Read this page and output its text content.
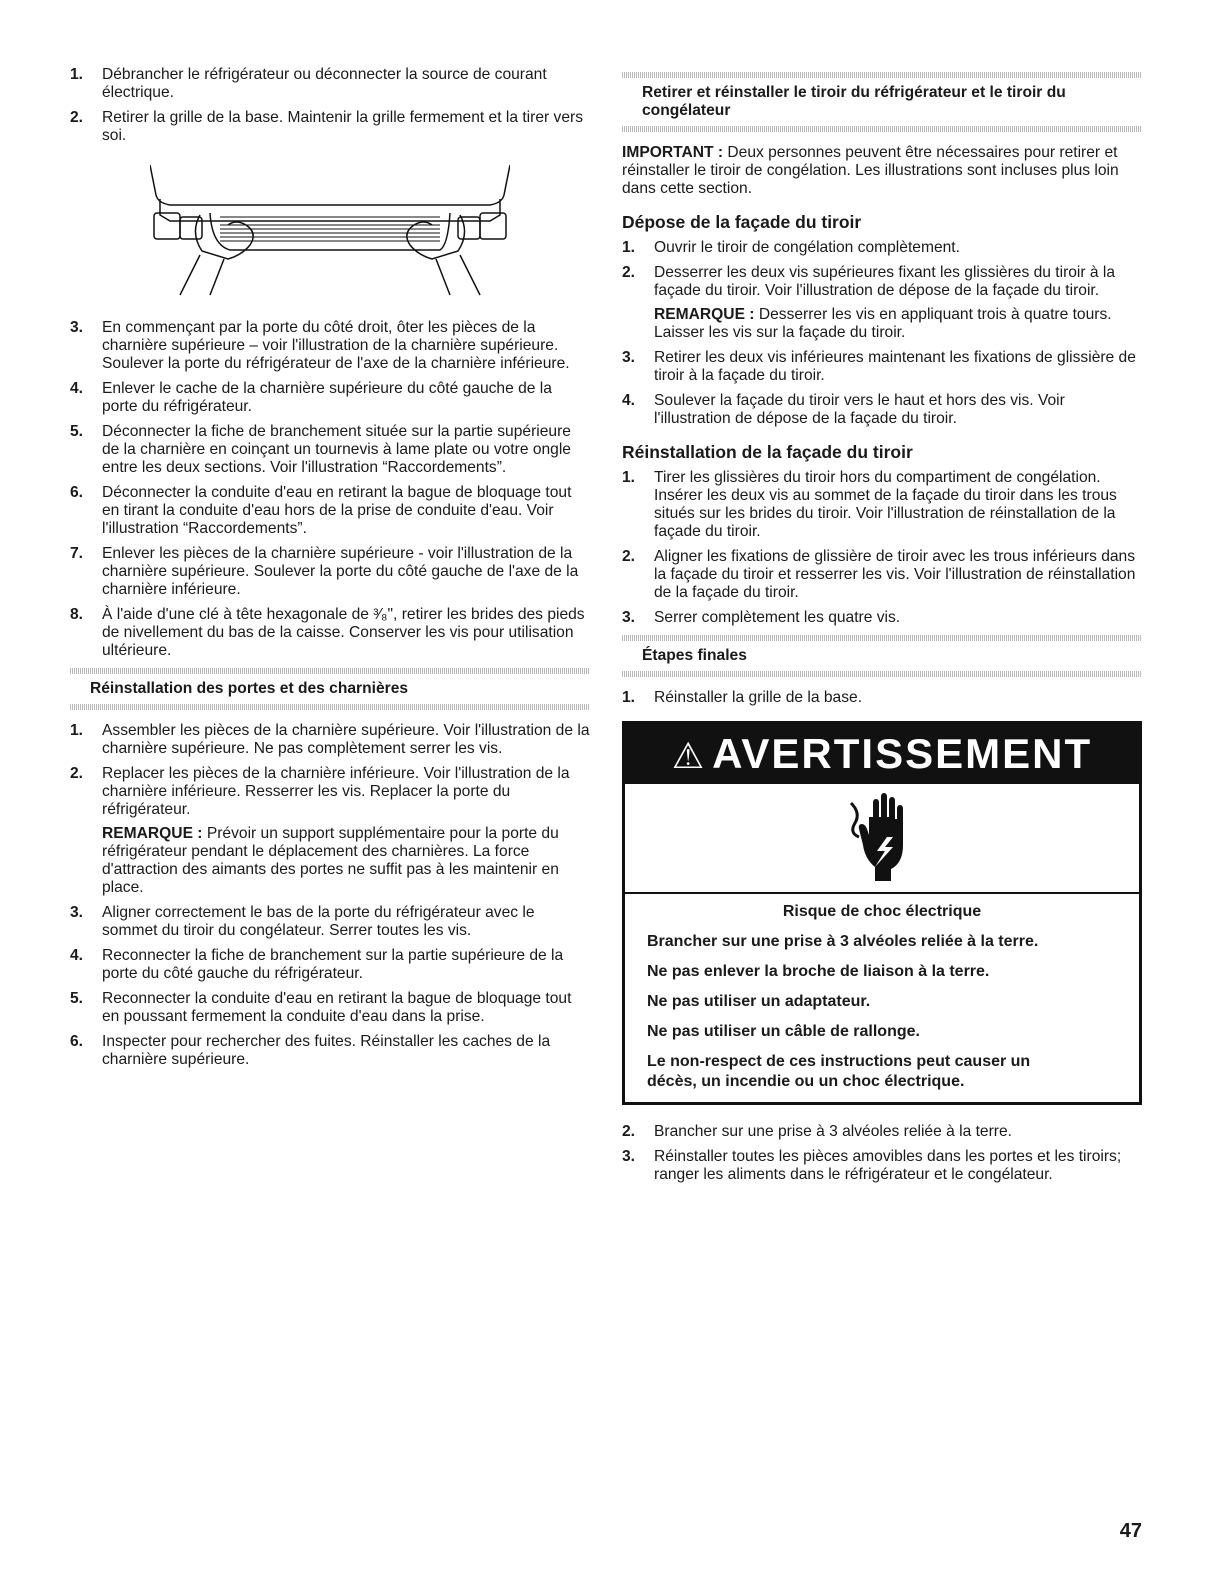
1.	Débrancher le réfrigérateur ou déconnecter la source de courant électrique.
2.	Retirer la grille de la base. Maintenir la grille fermement et la tirer vers soi.
3.	En commençant par la porte du côté droit, ôter les pièces de la charnière supérieure – voir l'illustration de la charnière supérieure. Soulever la porte du réfrigérateur de l'axe de la charnière inférieure.
4.	Enlever le cache de la charnière supérieure du côté gauche de la porte du réfrigérateur.
5.	Déconnecter la fiche de branchement située sur la partie supérieure de la charnière en coinçant un tournevis à lame plate ou votre ongle entre les deux sections. Voir l'illustration “Raccordements”.
6.	Déconnecter la conduite d'eau en retirant la bague de bloquage tout en tirant la conduite d'eau hors de la prise de conduite d'eau. Voir l'illustration “Raccordements”.
7.	Enlever les pièces de la charnière supérieure - voir l'illustration de la charnière supérieure. Soulever la porte du côté gauche de l'axe de la charnière inférieure.
8.	À l'aide d'une clé à tête hexagonale de ³⁄₈", retirer les brides des pieds de nivellement du bas de la caisse. Conserver les vis pour utilisation ultérieure.
Réinstallation des portes et des charnières
1.	Assembler les pièces de la charnière supérieure. Voir l'illustration de la charnière supérieure. Ne pas complètement serrer les vis.
2.	Replacer les pièces de la charnière inférieure. Voir l'illustration de la charnière inférieure. Resserrer les vis. Replacer la porte du réfrigérateur.
REMARQUE : Prévoir un support supplémentaire pour la porte du réfrigérateur pendant le déplacement des charnières. La force d'attraction des aimants des portes ne suffit pas à les maintenir en place.
3.	Aligner correctement le bas de la porte du réfrigérateur avec le sommet du tiroir du congélateur. Serrer toutes les vis.
4.	Reconnecter la fiche de branchement sur la partie supérieure de la porte du côté gauche du réfrigérateur.
5.	Reconnecter la conduite d'eau en retirant la bague de bloquage tout en poussant fermement la conduite d'eau dans la prise.
6.	Inspecter pour rechercher des fuites. Réinstaller les caches de la charnière supérieure.
Retirer et réinstaller le tiroir du réfrigérateur et le tiroir du congélateur

IMPORTANT : Deux personnes peuvent être nécessaires pour retirer et réinstaller le tiroir de congélation. Les illustrations sont incluses plus loin dans cette section.

Dépose de la façade du tiroir
1.	Ouvrir le tiroir de congélation complètement.
2.	Desserrer les deux vis supérieures fixant les glissières du tiroir à la façade du tiroir. Voir l'illustration de dépose de la façade du tiroir.
REMARQUE : Desserrer les vis en appliquant trois à quatre tours. Laisser les vis sur la façade du tiroir.
3.	Retirer les deux vis inférieures maintenant les fixations de glissière de tiroir à la façade du tiroir.
4.	Soulever la façade du tiroir vers le haut et hors des vis. Voir l'illustration de dépose de la façade du tiroir.
Réinstallation de la façade du tiroir
1.	Tirer les glissières du tiroir hors du compartiment de congélation. Insérer les deux vis au sommet de la façade du tiroir dans les trous situés sur les brides du tiroir. Voir l'illustration de réinstallation de la façade du tiroir.
2.	Aligner les fixations de glissière de tiroir avec les trous inférieurs dans la façade du tiroir et resserrer les vis. Voir l'illustration de réinstallation de la façade du tiroir.
3.	Serrer complètement les quatre vis.
Étapes finales
1.	Réinstaller la grille de la base.
⚠ AVERTISSEMENT
Risque de choc électrique

Brancher sur une prise à 3 alvéoles reliée à la terre.

Ne pas enlever la broche de liaison à la terre.

Ne pas utiliser un adaptateur.

Ne pas utiliser un câble de rallonge.

Le non-respect de ces instructions peut causer un décès, un incendie ou un choc électrique.

2.	Brancher sur une prise à 3 alvéoles reliée à la terre.
3.	Réinstaller toutes les pièces amovibles dans les portes et les tiroirs; ranger les aliments dans le réfrigérateur et le congélateur.
47
